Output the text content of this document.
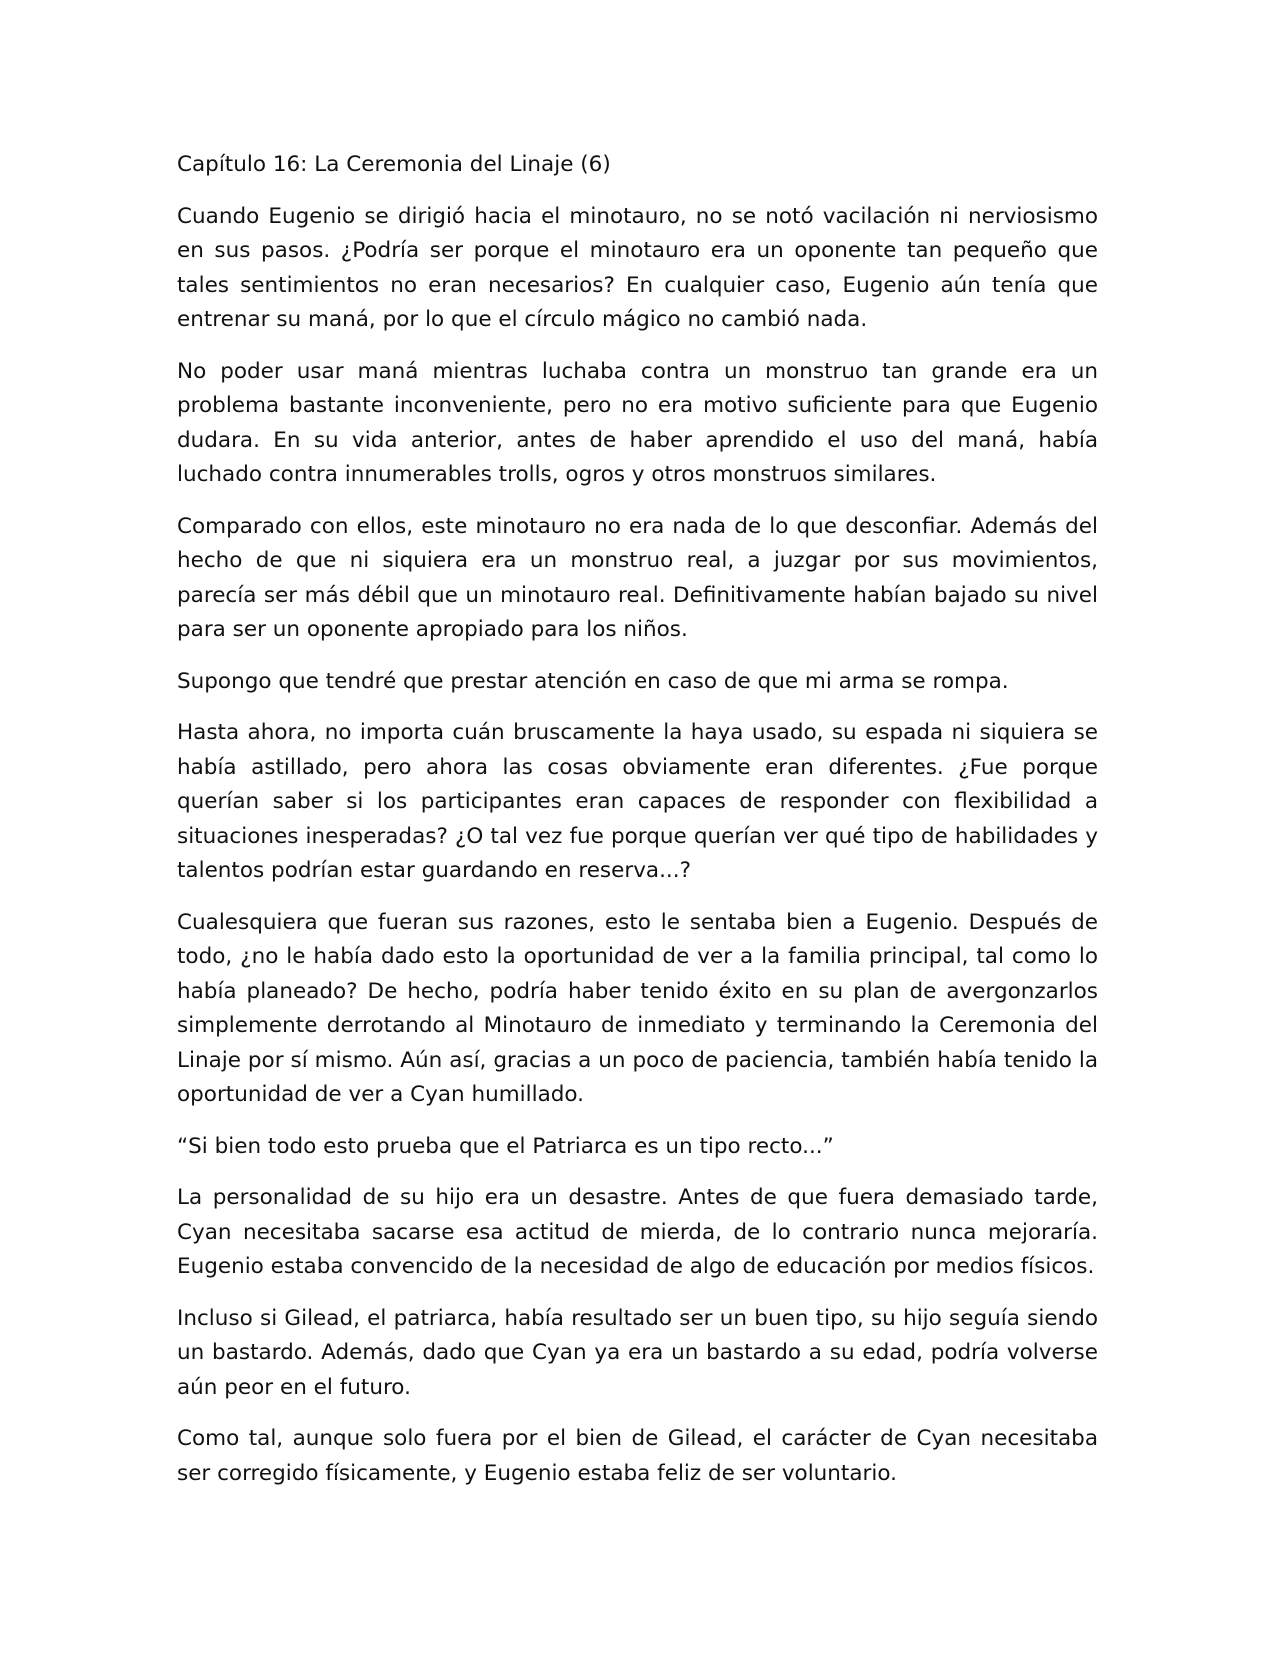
Capítulo 16: La Ceremonia del Linaje (6)

Cuando Eugenio se dirigió hacia el minotauro, no se notó vacilación ni nerviosismo en sus pasos. ¿Podría ser porque el minotauro era un oponente tan pequeño que tales sentimientos no eran necesarios? En cualquier caso, Eugenio aún tenía que entrenar su maná, por lo que el círculo mágico no cambió nada.

No poder usar maná mientras luchaba contra un monstruo tan grande era un problema bastante inconveniente, pero no era motivo suficiente para que Eugenio dudara. En su vida anterior, antes de haber aprendido el uso del maná, había luchado contra innumerables trolls, ogros y otros monstruos similares.

Comparado con ellos, este minotauro no era nada de lo que desconfiar. Además del hecho de que ni siquiera era un monstruo real, a juzgar por sus movimientos, parecía ser más débil que un minotauro real. Definitivamente habían bajado su nivel para ser un oponente apropiado para los niños.

Supongo que tendré que prestar atención en caso de que mi arma se rompa.

Hasta ahora, no importa cuán bruscamente la haya usado, su espada ni siquiera se había astillado, pero ahora las cosas obviamente eran diferentes. ¿Fue porque querían saber si los participantes eran capaces de responder con flexibilidad a situaciones inesperadas? ¿O tal vez fue porque querían ver qué tipo de habilidades y talentos podrían estar guardando en reserva...?

Cualesquiera que fueran sus razones, esto le sentaba bien a Eugenio. Después de todo, ¿no le había dado esto la oportunidad de ver a la familia principal, tal como lo había planeado? De hecho, podría haber tenido éxito en su plan de avergonzarlos simplemente derrotando al Minotauro de inmediato y terminando la Ceremonia del Linaje por sí mismo. Aún así, gracias a un poco de paciencia, también había tenido la oportunidad de ver a Cyan humillado.

“Si bien todo esto prueba que el Patriarca es un tipo recto...”

La personalidad de su hijo era un desastre. Antes de que fuera demasiado tarde, Cyan necesitaba sacarse esa actitud de mierda, de lo contrario nunca mejoraría. Eugenio estaba convencido de la necesidad de algo de educación por medios físicos.

Incluso si Gilead, el patriarca, había resultado ser un buen tipo, su hijo seguía siendo un bastardo. Además, dado que Cyan ya era un bastardo a su edad, podría volverse aún peor en el futuro.

Como tal, aunque solo fuera por el bien de Gilead, el carácter de Cyan necesitaba ser corregido físicamente, y Eugenio estaba feliz de ser voluntario.
